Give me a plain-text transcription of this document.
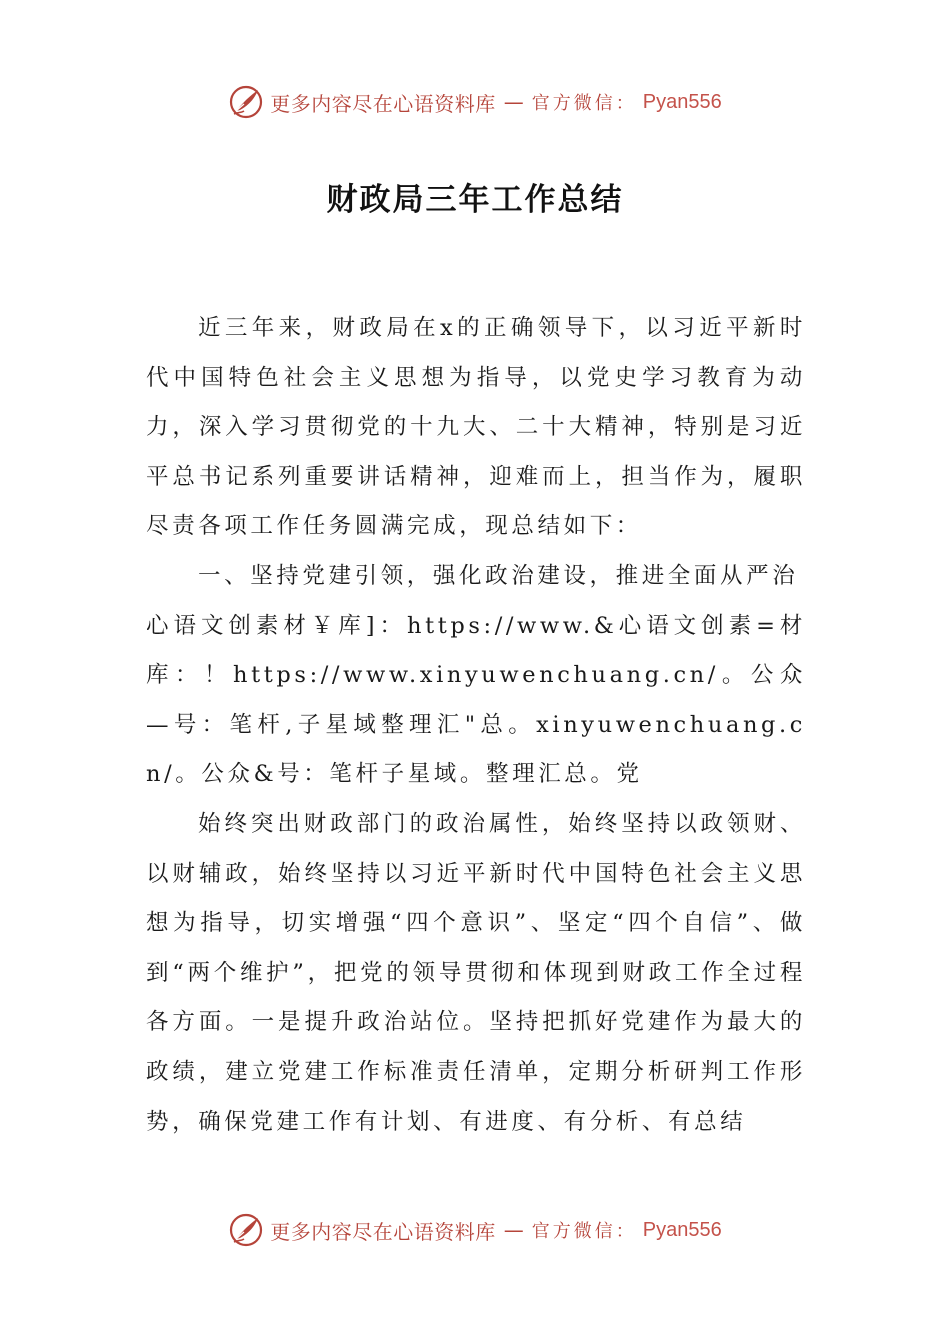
更多内容尽在心语资料库 — 官方微信： Pyan556
财政局三年工作总结

近三年来，财政局在x的正确领导下，以习近平新时代中国特色社会主义思想为指导，以党史学习教育为动力，深入学习贯彻党的十九大、二十大精神，特别是习近平总书记系列重要讲话精神，迎难而上，担当作为，履职尽责各项工作任务圆满完成，现总结如下：

一、坚持党建引领，强化政治建设，推进全面从严治

心语文创素材￥库]：https://www.&心语文创素=材库：！https://www.xinyuwenchuang.cn/。公众—号：笔杆,子星域整理汇"总。xinyuwenchuang.cn/。公众&号：笔杆子星域。整理汇总。党

始终突出财政部门的政治属性，始终坚持以政领财、以财辅政，始终坚持以习近平新时代中国特色社会主义思想为指导，切实增强“四个意识”、坚定“四个自信”、做到“两个维护”，把党的领导贯彻和体现到财政工作全过程各方面。一是提升政治站位。坚持把抓好党建作为最大的政绩，建立党建工作标准责任清单，定期分析研判工作形势，确保党建工作有计划、有进度、有分析、有总结

更多内容尽在心语资料库 — 官方微信： Pyan556
